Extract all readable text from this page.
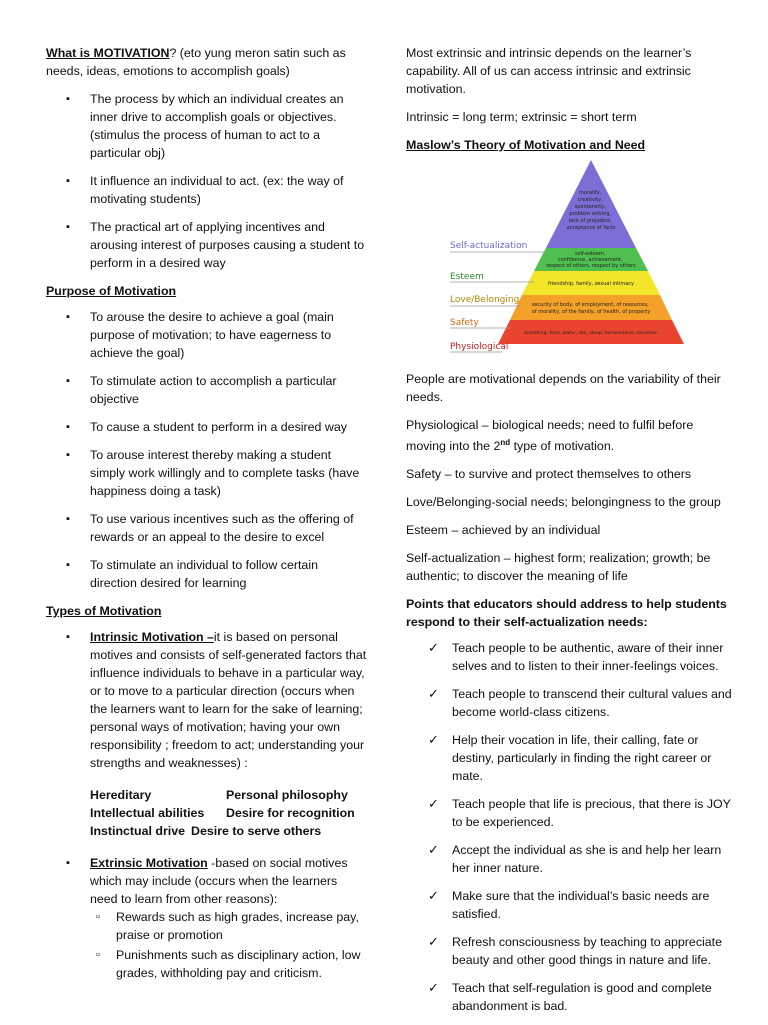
What is MOTIVATION? (eto yung meron satin such as needs, ideas, emotions to accomplish goals)

▪ The process by which an individual creates an inner drive to accomplish goals or objectives.(stimulus the process of human to act to a particular obj)
▪ It influence an individual to act. (ex: the way of motivating students)
▪ The practical art of applying incentives and arousing interest of purposes causing a student to perform in a desired way
Purpose of Motivation
▪ To arouse the desire to achieve a goal (main purpose of motivation; to have eagerness to achieve the goal)
▪ To stimulate action to accomplish a particular objective
▪ To cause a student to perform in a desired way
▪ To arouse interest thereby making a student simply work willingly and to complete tasks (have happiness doing a task)
▪ To use various incentives such as the offering of rewards or an appeal to the desire to excel
▪ To stimulate an individual to follow certain direction desired for learning
Types of Motivation
▪ Intrinsic Motivation –it is based on personal motives and consists of self-generated factors that influence individuals to behave in a particular way, or to move to a particular direction (occurs when the learners want to learn for the sake of learning; personal ways of motivation; having your own responsibility ; freedom to act; understanding your strengths and weaknesses) :
Hereditary	Personal philosophy
Intellectual abilities	Desire for recognition
Instinctual drive Desire to serve others
▪ Extrinsic Motivation -based on social motives which may include (occurs when the learners need to learn from other reasons):
▫ Rewards such as high grades, increase pay, praise or promotion
▫ Punishments such as disciplinary action, low grades, withholding pay and criticism.

Most extrinsic and intrinsic depends on the learner’s capability. All of us can access intrinsic and extrinsic motivation.

Intrinsic = long term; extrinsic = short term

Maslow’s Theory of Motivation and Need
Self-actualization
Esteem
Love/Belonging
Safety
Physiological
morality, creativity, spontaneity, problem solving, lack of prejudice, acceptance of facts
self-esteem, confidence, achievement, respect of others, respect by others
friendship, family, sexual intimacy
security of body, of employment, of resources, of morality, of the family, of health, of property
breathing, food, water, sex, sleep, homeostasis, excretion

People are motivational depends on the variability of their needs.

Physiological – biological needs; need to fulfil before moving into the 2nd type of motivation.

Safety – to survive and protect themselves to others

Love/Belonging-social needs; belongingness to the group

Esteem – achieved by an individual

Self-actualization – highest form; realization; growth; be authentic; to discover the meaning of life

Points that educators should address to help students respond to their self-actualization needs:
✓ Teach people to be authentic, aware of their inner selves and to listen to their inner-feelings voices.
✓ Teach people to transcend their cultural values and become world-class citizens.
✓ Help their vocation in life, their calling, fate or destiny, particularly in finding the right career or mate.
✓ Teach people that life is precious, that there is JOY to be experienced.
✓ Accept the individual as she is and help her learn her inner nature.
✓ Make sure that the individual’s basic needs are satisfied.
✓ Refresh consciousness by teaching to appreciate beauty and other good things in nature and life.
✓ Teach that self-regulation is good and complete abandonment is bad.
